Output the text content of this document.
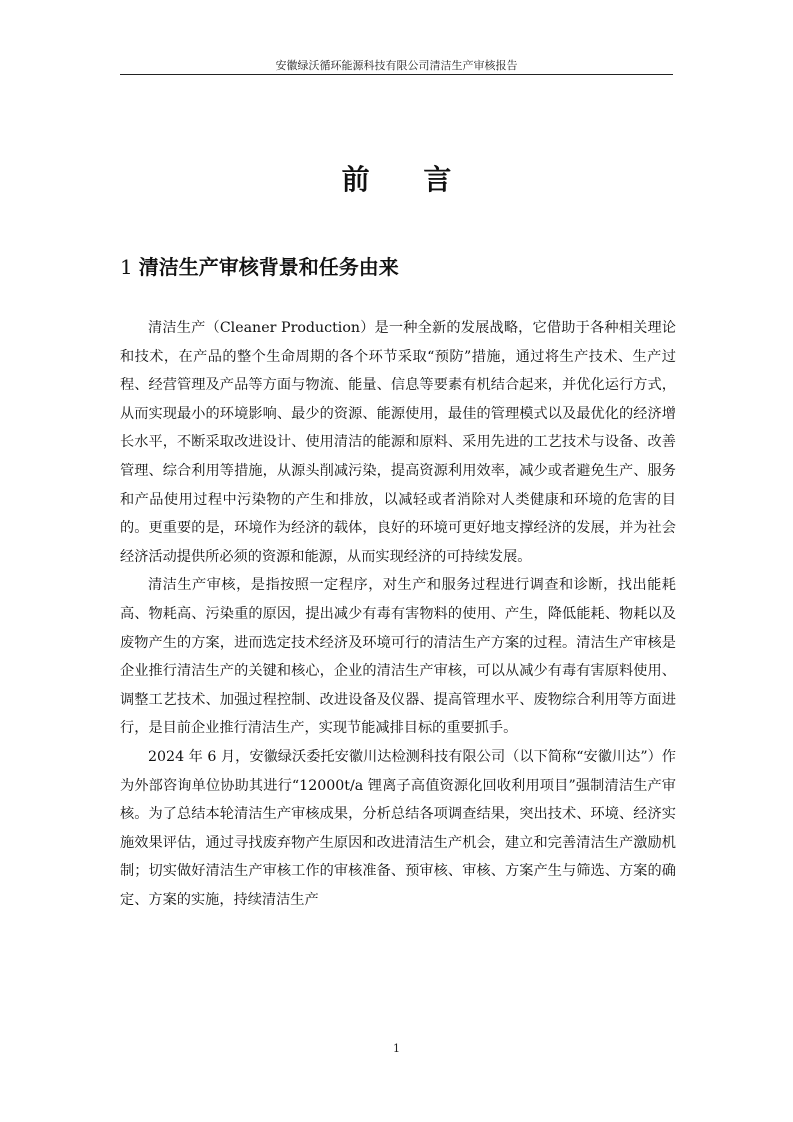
安徽绿沃循环能源科技有限公司清洁生产审核报告
前 言
1 清洁生产审核背景和任务由来

清洁生产（Cleaner Production）是一种全新的发展战略，它借助于各种相关理论和技术，在产品的整个生命周期的各个环节采取“预防”措施，通过将生产技术、生产过程、经营管理及产品等方面与物流、能量、信息等要素有机结合起来，并优化运行方式，从而实现最小的环境影响、最少的资源、能源使用，最佳的管理模式以及最优化的经济增长水平，不断采取改进设计、使用清洁的能源和原料、采用先进的工艺技术与设备、改善管理、综合利用等措施，从源头削减污染，提高资源利用效率，减少或者避免生产、服务和产品使用过程中污染物的产生和排放，以减轻或者消除对人类健康和环境的危害的目的。更重要的是，环境作为经济的载体，良好的环境可更好地支撑经济的发展，并为社会经济活动提供所必须的资源和能源，从而实现经济的可持续发展。

清洁生产审核，是指按照一定程序，对生产和服务过程进行调查和诊断，找出能耗高、物耗高、污染重的原因，提出减少有毒有害物料的使用、产生，降低能耗、物耗以及废物产生的方案，进而选定技术经济及环境可行的清洁生产方案的过程。清洁生产审核是企业推行清洁生产的关键和核心，企业的清洁生产审核，可以从减少有毒有害原料使用、调整工艺技术、加强过程控制、改进设备及仪器、提高管理水平、废物综合利用等方面进行，是目前企业推行清洁生产，实现节能减排目标的重要抓手。

2024 年 6 月，安徽绿沃委托安徽川达检测科技有限公司（以下简称“安徽川达”）作为外部咨询单位协助其进行“12000t/a 锂离子高值资源化回收利用项目”强制清洁生产审核。为了总结本轮清洁生产审核成果，分析总结各项调查结果，突出技术、环境、经济实施效果评估，通过寻找废弃物产生原因和改进清洁生产机会，建立和完善清洁生产激励机制；切实做好清洁生产审核工作的审核准备、预审核、审核、方案产生与筛选、方案的确定、方案的实施，持续清洁生产

1
